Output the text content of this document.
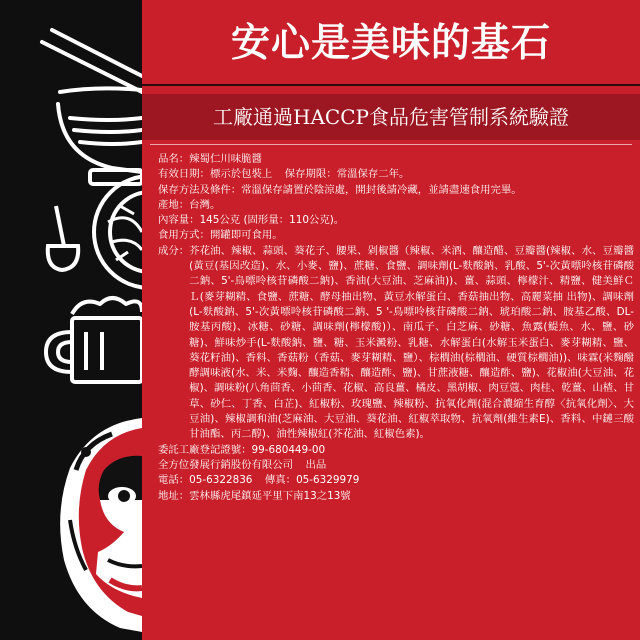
安心是美味的基石
工廠通過HACCP食品危害管制系統驗證
品名：辣蜀仁川味脆醬
有效日期：標示於包裝上 保存期限：常溫保存二年。
保存方法及條件：常溫保存請置於陰涼處，開封後請冷藏，並請盡速食用完畢。
產地：台灣。
內容量：145公克 (固形量：110公克)。
食用方式：開罐即可食用。
成分： 芥花油、辣椒、蒜頭、葵花子、腰果、剁椒醬（辣椒、米酒、釀造醋、豆瓣醬(辣椒、水、豆瓣醬(黃豆(基因改造)、水、小麥、鹽)、蔗糖、食鹽、調味劑(L-麩酸鈉、乳酸、5'-次黃嘌呤核苷磷酸二鈉、5'-鳥嘌呤核苷磷酸二鈉)、香油(大豆油、芝麻油))、薑、蒜頭、檸檬汁、精鹽、健美鮮ＣＬ(麥芽糊精、食鹽、蔗糖、酵母抽出物、黃豆水解蛋白、香菇抽出物、高麗菜抽 出物)、調味劑(L-麩酸鈉、5'-次黃嘌呤核苷磷酸二鈉、5 '-鳥嘌呤核苷磷酸二鈉、琥珀酸二鈉、胺基乙酸、DL-胺基丙酸)、冰糖、砂糖、調味劑(檸檬酸)）、南瓜子、白芝麻、砂糖、魚露(鯷魚、水、鹽、砂糖)、鮮味炒手(L-麩酸鈉、鹽、糖、玉米澱粉、乳糖、水解蛋白(水解玉米蛋白、麥芽糊精、鹽、葵花籽油)、香料、香菇粉（香菇、麥芽糊精、鹽）、棕櫚油(棕櫚油、硬質棕櫚油))、味霖(米麴醱酵調味液(水、米、米麴、釀造香精、釀造酢、鹽)、甘蔗液糖、釀造酢、鹽)、花椒油(大豆油、花椒)、調味粉(八角茴香、小茴香、花椒、高良薑、橘皮、黑胡椒、肉豆蔻、肉桂、乾薑、山楂、甘草、砂仁、丁香、白芷)、紅椒粉、玫瑰鹽、辣椒粉、抗氧化劑(混合濃縮生育醇〈抗氧化劑〉、大豆油)、辣椒調和油(芝麻油、大豆油、葵花油、紅椒萃取物、抗氧劑(維生素E)、香料、中鏈三酸甘油酯、丙二醇)、油性辣椒紅(芥花油、紅椒色素)。
委託工廠登記證號：99-680449-00
全方位發展行銷股份有限公司 出品
電話：05-6322836 傳真：05-6329979
地址：雲林縣虎尾鎮延平里下南13之13號
